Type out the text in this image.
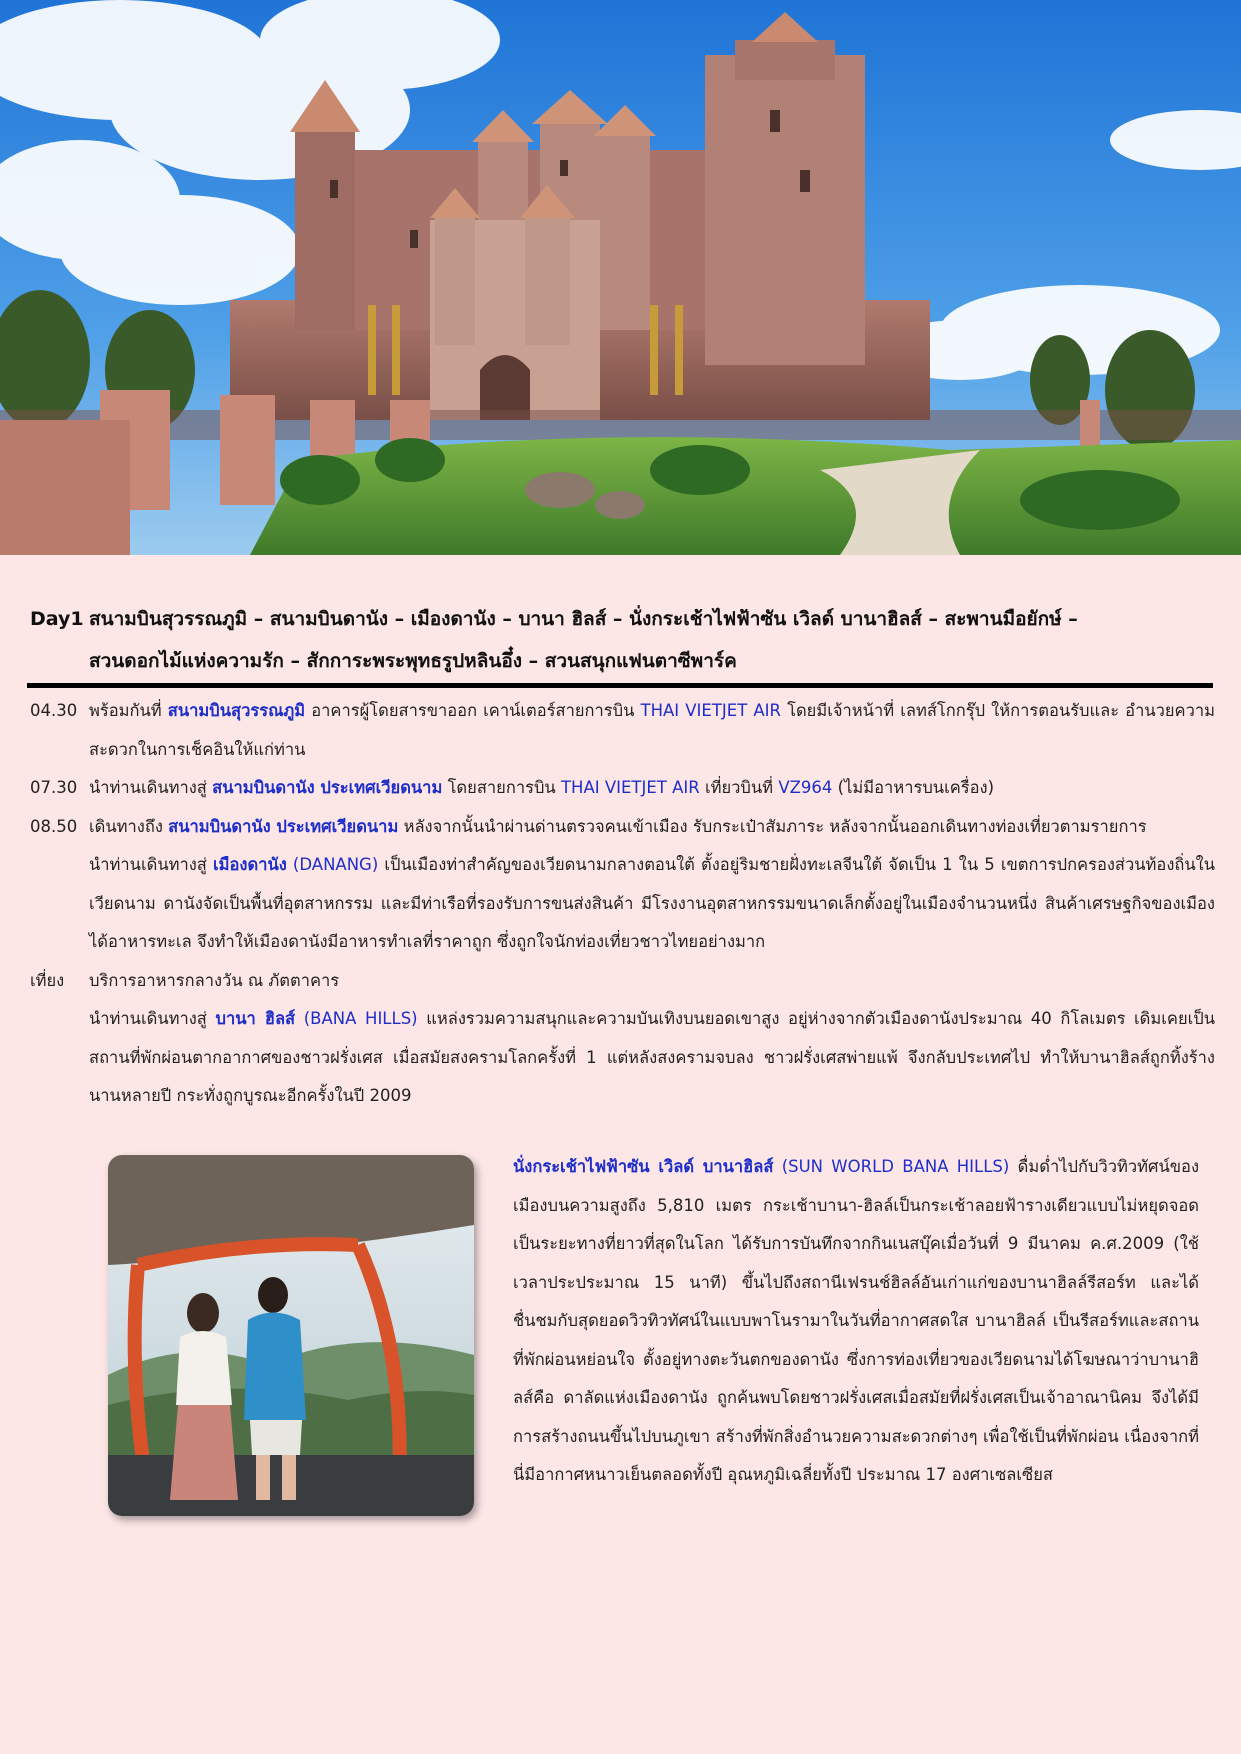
Day1 สนามบินสุวรรณภูมิ – สนามบินดานัง – เมืองดานัง – บานา ฮิลส์ – นั่งกระเช้าไฟฟ้าซัน เวิลด์ บานาฮิลส์ – สะพานมือยักษ์ –
สวนดอกไม้แห่งความรัก – สักการะพระพุทธรูปหลินอึ๋ง – สวนสนุกแฟนตาซีพาร์ค
04.30 พร้อมกันที่ สนามบินสุวรรณภูมิ อาคารผู้โดยสารขาออก เคาน์เตอร์สายการบิน THAI VIETJET AIR โดยมีเจ้าหน้าที่ เลทส์โกกรุ๊ป ให้การตอนรับและ อำนวยความสะดวกในการเช็คอินให้แก่ท่าน
07.30 นำท่านเดินทางสู่ สนามบินดานัง ประเทศเวียดนาม โดยสายการบิน THAI VIETJET AIR เที่ยวบินที่ VZ964 (ไม่มีอาหารบนเครื่อง)
08.50 เดินทางถึง สนามบินดานัง ประเทศเวียดนาม หลังจากนั้นนำผ่านด่านตรวจคนเข้าเมือง รับกระเป๋าสัมภาระ หลังจากนั้นออกเดินทางท่องเที่ยวตามรายการ
นำท่านเดินทางสู่ เมืองดานัง (DANANG) เป็นเมืองท่าสำคัญของเวียดนามกลางตอนใต้ ตั้งอยู่ริมชายฝั่งทะเลจีนใต้ จัดเป็น 1 ใน 5 เขตการปกครองส่วนท้องถิ่นในเวียดนาม ดานังจัดเป็นพื้นที่อุตสาหกรรม และมีท่าเรือที่รองรับการขนส่งสินค้า มีโรงงานอุตสาหกรรมขนาดเล็กตั้งอยู่ในเมืองจำนวนหนึ่ง สินค้าเศรษฐกิจของเมืองได้อาหารทะเล จึงทำให้เมืองดานังมีอาหารทำเลที่ราคาถูก ซึ่งถูกใจนักท่องเที่ยวชาวไทยอย่างมาก
เที่ยง	บริการอาหารกลางวัน ณ ภัตตาคาร
นำท่านเดินทางสู่ บานา ฮิลส์ (BANA HILLS) แหล่งรวมความสนุกและความบันเทิงบนยอดเขาสูง อยู่ห่างจากตัวเมืองดานังประมาณ 40 กิโลเมตร เดิมเคยเป็นสถานที่พักผ่อนตากอากาศของชาวฝรั่งเศส เมื่อสมัยสงครามโลกครั้งที่ 1 แต่หลังสงครามจบลง ชาวฝรั่งเศสพ่ายแพ้ จึงกลับประเทศไป ทำให้บานาฮิลส์ถูกทิ้งร้างนานหลายปี กระทั่งถูกบูรณะอีกครั้งในปี 2009
นั่งกระเช้าไฟฟ้าซัน เวิลด์ บานาฮิลส์ (SUN WORLD BANA HILLS) ดื่มด่ำไปกับวิวทิวทัศน์ของเมืองบนความสูงถึง 5,810 เมตร กระเช้าบานา-ฮิลล์เป็นกระเช้าลอยฟ้ารางเดียวแบบไม่หยุดจอดเป็นระยะทางที่ยาวที่สุดในโลก ได้รับการบันทึกจากกินเนสบุ๊คเมื่อวันที่ 9 มีนาคม ค.ศ.2009 (ใช้เวลาประประมาณ 15 นาที) ขึ้นไปถึงสถานีเฟรนช์ฮิลล์อันเก่าแก่ของบานาฮิลล์รีสอร์ท และได้ชื่นชมกับสุดยอดวิวทิวทัศน์ในแบบพาโนรามาในวันที่อากาศสดใส บานาฮิลล์ เป็นรีสอร์ทและสถานที่พักผ่อนหย่อนใจ ตั้งอยู่ทางตะวันตกของดานัง ซึ่งการท่องเที่ยวของเวียดนามได้โฆษณาว่าบานาฮิลส์คือ ดาลัดแห่งเมืองดานัง ถูกค้นพบโดยชาวฝรั่งเศสเมื่อสมัยที่ฝรั่งเศสเป็นเจ้าอาณานิคม จึงได้มีการสร้างถนนขึ้นไปบนภูเขา สร้างที่พักสิ่งอำนวยความสะดวกต่างๆ เพื่อใช้เป็นที่พักผ่อน เนื่องจากที่นี่มีอากาศหนาวเย็นตลอดทั้งปี อุณหภูมิเฉลี่ยทั้งปี ประมาณ 17 องศาเซลเซียส
